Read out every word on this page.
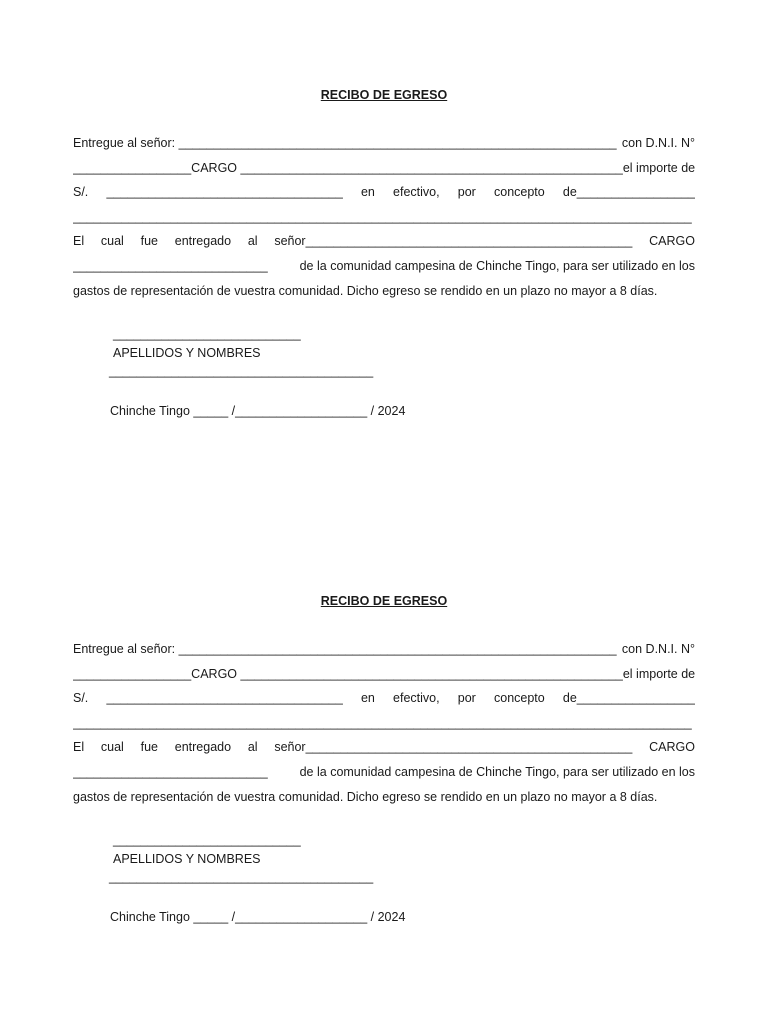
RECIBO DE EGRESO

Entregue al señor: _______________________________________________________________ con D.N.I. N°
_________________CARGO _______________________________________________________ el importe de
S/. __________________________________ en efectivo, por concepto de_________________
_________________________________________________________________________________________
El cual fue entregado al señor_______________________________________________ CARGO
____________________________	de la comunidad campesina de Chinche Tingo, para ser utilizado en los
gastos de representación de vuestra comunidad. Dicho egreso se rendido en un plazo no mayor a 8 días.
___________________________
APELLIDOS Y NOMBRES
______________________________________
Chinche Tingo _____ /___________________ / 2024

RECIBO DE EGRESO

Entregue al señor: _______________________________________________________________ con D.N.I. N°
_________________CARGO _______________________________________________________ el importe de
S/. __________________________________ en efectivo, por concepto de_________________
_________________________________________________________________________________________
El cual fue entregado al señor_______________________________________________ CARGO
____________________________	de la comunidad campesina de Chinche Tingo, para ser utilizado en los
gastos de representación de vuestra comunidad. Dicho egreso se rendido en un plazo no mayor a 8 días.
___________________________
APELLIDOS Y NOMBRES
______________________________________
Chinche Tingo _____ /___________________ / 2024
